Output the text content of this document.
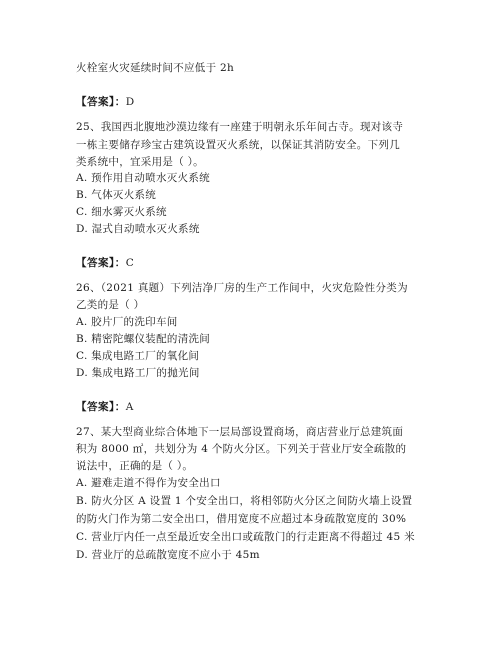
火栓室火灾延续时间不应低于 2h
【答案】：D
25、我国西北腹地沙漠边缘有一座建于明朝永乐年间古寺。现对该寺
一栋主要储存珍宝古建筑设置灭火系统，以保证其消防安全。下列几
类系统中，宜采用是（ ）。
A. 预作用自动喷水灭火系统
B. 气体灭火系统
C. 细水雾灭火系统
D. 湿式自动喷水灭火系统
【答案】：C
26、（2021 真题）下列洁净厂房的生产工作间中，火灾危险性分类为
乙类的是（ ）
A. 胶片厂的洗印车间
B. 精密陀螺仪装配的清洗间
C. 集成电路工厂的氧化间
D. 集成电路工厂的抛光间
【答案】：A
27、某大型商业综合体地下一层局部设置商场，商店营业厅总建筑面
积为 8000 ㎡，共划分为 4 个防火分区。下列关于营业厅安全疏散的
说法中，正确的是（ ）。
A. 避难走道不得作为安全出口
B. 防火分区 A 设置 1 个安全出口，将相邻防火分区之间防火墙上设置
的防火门作为第二安全出口，借用宽度不应超过本身疏散宽度的 30%
C. 营业厅内任一点至最近安全出口或疏散门的行走距离不得超过 45 米
D. 营业厅的总疏散宽度不应小于 45m
